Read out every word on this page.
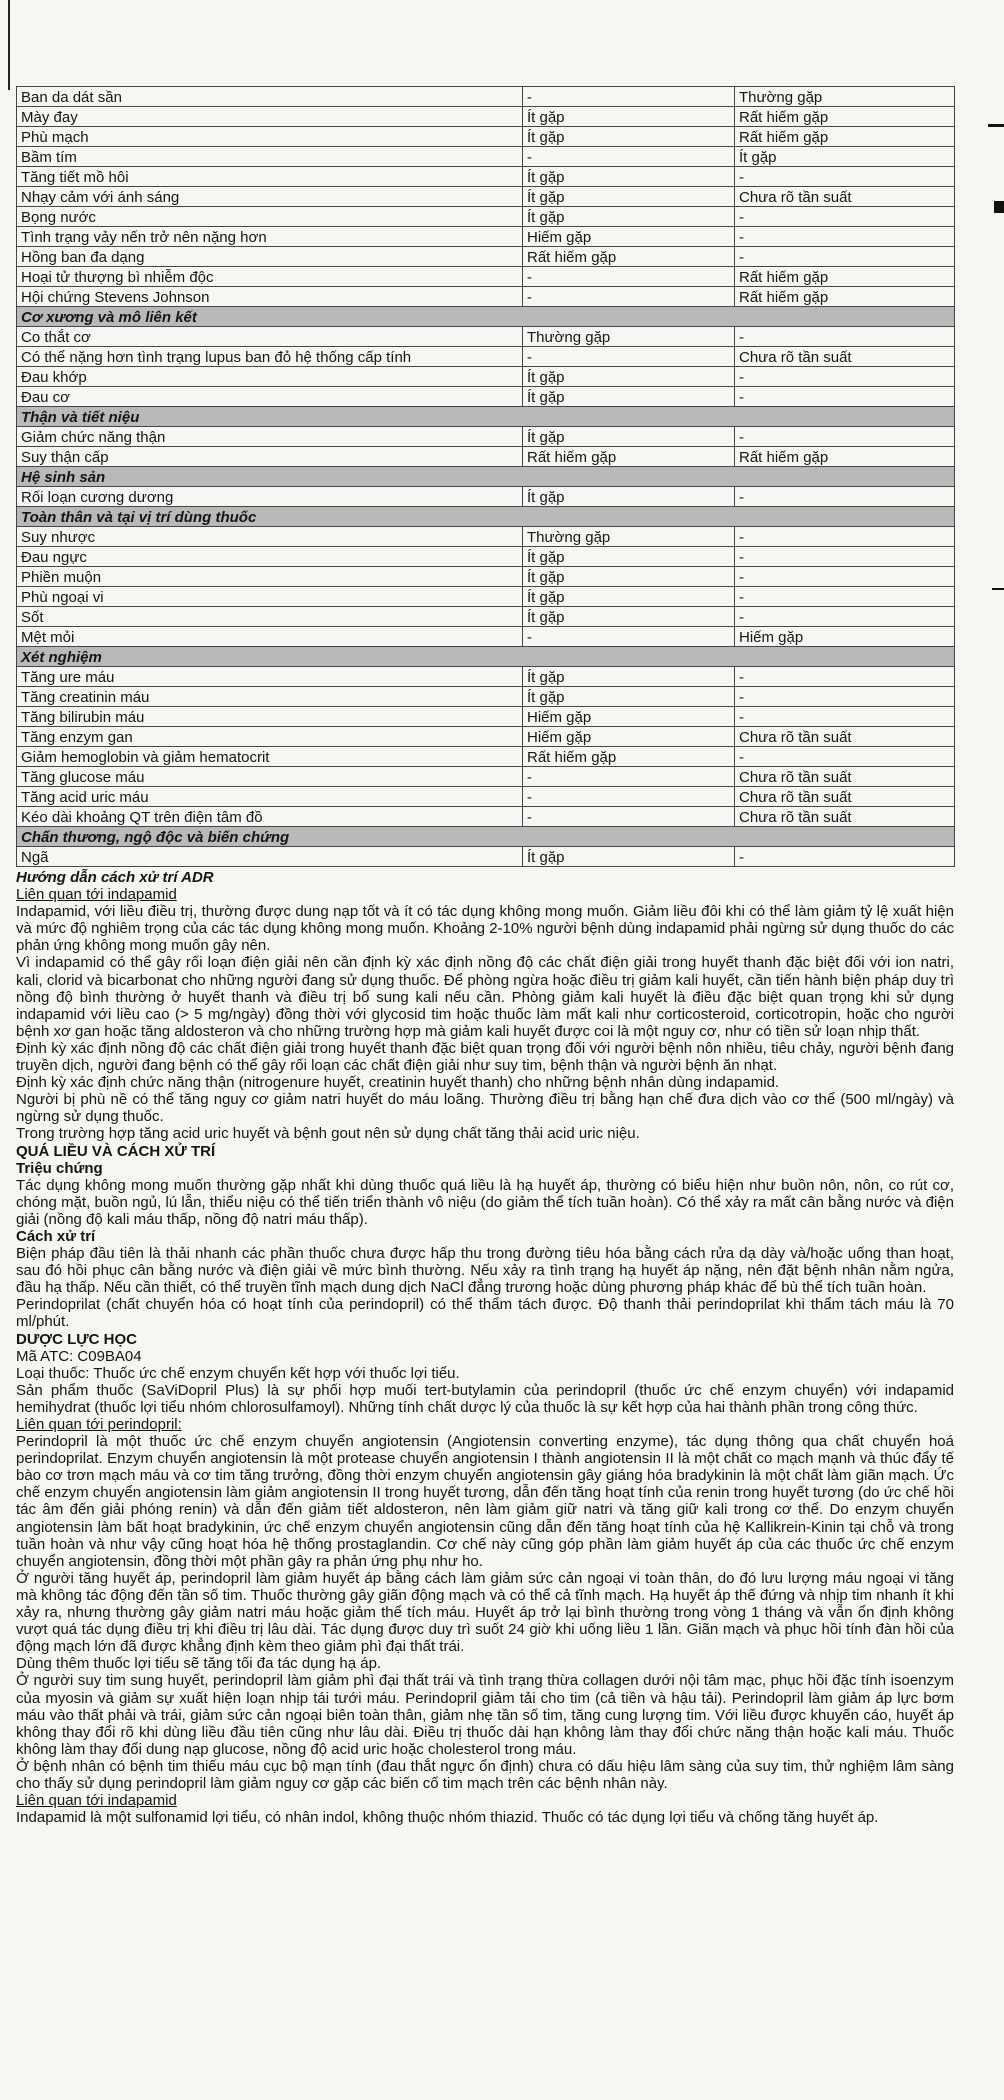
Ban da dát sần	-	Thường gặp
Mày đay	Ít gặp	Rất hiếm gặp
Phù mạch	Ít gặp	Rất hiếm gặp
Bầm tím	-	Ít gặp
Tăng tiết mồ hôi	Ít gặp	-
Nhạy cảm với ánh sáng	Ít gặp	Chưa rõ tần suất
Bọng nước	Ít gặp	-
Tình trạng vảy nến trở nên nặng hơn	Hiếm gặp	-
Hồng ban đa dạng	Rất hiếm gặp	-
Hoại tử thượng bì nhiễm độc	-	Rất hiếm gặp
Hội chứng Stevens Johnson	-	Rất hiếm gặp
Cơ xương và mô liên kết		
Co thắt cơ	Thường gặp	-
Có thể nặng hơn tình trạng lupus ban đỏ hệ thống cấp tính	-	Chưa rõ tần suất
Đau khớp	Ít gặp	-
Đau cơ	Ít gặp	-
Thận và tiết niệu		
Giảm chức năng thận	Ít gặp	-
Suy thận cấp	Rất hiếm gặp	Rất hiếm gặp
Hệ sinh sản		
Rối loạn cương dương	Ít gặp	-
Toàn thân và tại vị trí dùng thuốc		
Suy nhược	Thường gặp	-
Đau ngực	Ít gặp	-
Phiền muộn	Ít gặp	-
Phù ngoại vi	Ít gặp	-
Sốt	Ít gặp	-
Mệt mỏi	-	Hiếm gặp
Xét nghiệm		
Tăng ure máu	Ít gặp	-
Tăng creatinin máu	Ít gặp	-
Tăng bilirubin máu	Hiếm gặp	-
Tăng enzym gan	Hiếm gặp	Chưa rõ tần suất
Giảm hemoglobin và giảm hematocrit	Rất hiếm gặp	-
Tăng glucose máu	-	Chưa rõ tần suất
Tăng acid uric máu	-	Chưa rõ tần suất
Kéo dài khoảng QT trên điện tâm đồ	-	Chưa rõ tần suất
Chấn thương, ngộ độc và biến chứng		
Ngã	Ít gặp	-

Hướng dẫn cách xử trí ADR

Liên quan tới indapamid

Indapamid, với liều điều trị, thường được dung nạp tốt và ít có tác dụng không mong muốn. Giảm liều đôi khi có thể làm giảm tỷ lệ xuất hiện và mức độ nghiêm trọng của các tác dụng không mong muốn. Khoảng 2-10% người bệnh dùng indapamid phải ngừng sử dụng thuốc do các phản ứng không mong muốn gây nên.

Vì indapamid có thể gây rối loạn điện giải nên cần định kỳ xác định nồng độ các chất điện giải trong huyết thanh đặc biệt đối với ion natri, kali, clorid và bicarbonat cho những người đang sử dụng thuốc. Để phòng ngừa hoặc điều trị giảm kali huyết, cần tiến hành biện pháp duy trì nồng độ bình thường ở huyết thanh và điều trị bổ sung kali nếu cần. Phòng giảm kali huyết là điều đặc biệt quan trọng khi sử dụng indapamid với liều cao (> 5 mg/ngày) đồng thời với glycosid tim hoặc thuốc làm mất kali như corticosteroid, corticotropin, hoặc cho người bệnh xơ gan hoặc tăng aldosteron và cho những trường hợp mà giảm kali huyết được coi là một nguy cơ, như có tiền sử loạn nhịp thất.

Định kỳ xác định nồng độ các chất điện giải trong huyết thanh đặc biệt quan trọng đối với người bệnh nôn nhiều, tiêu chảy, người bệnh đang truyền dịch, người đang bệnh có thể gây rối loạn các chất điện giải như suy tim, bệnh thận và người bệnh ăn nhạt.

Định kỳ xác định chức năng thận (nitrogenure huyết, creatinin huyết thanh) cho những bệnh nhân dùng indapamid.

Người bị phù nề có thể tăng nguy cơ giảm natri huyết do máu loãng. Thường điều trị bằng hạn chế đưa dịch vào cơ thể (500 ml/ngày) và ngừng sử dụng thuốc.

Trong trường hợp tăng acid uric huyết và bệnh gout nên sử dụng chất tăng thải acid uric niệu.

QUÁ LIỀU VÀ CÁCH XỬ TRÍ

Triệu chứng

Tác dụng không mong muốn thường gặp nhất khi dùng thuốc quá liều là hạ huyết áp, thường có biểu hiện như buồn nôn, nôn, co rút cơ, chóng mặt, buồn ngủ, lú lẫn, thiểu niệu có thể tiến triển thành vô niệu (do giảm thể tích tuần hoàn). Có thể xảy ra mất cân bằng nước và điện giải (nồng độ kali máu thấp, nồng độ natri máu thấp).

Cách xử trí

Biện pháp đầu tiên là thải nhanh các phần thuốc chưa được hấp thu trong đường tiêu hóa bằng cách rửa dạ dày và/hoặc uống than hoạt, sau đó hồi phục cân bằng nước và điện giải về mức bình thường. Nếu xảy ra tình trạng hạ huyết áp nặng, nên đặt bệnh nhân nằm ngửa, đầu hạ thấp. Nếu cần thiết, có thể truyền tĩnh mạch dung dịch NaCl đẳng trương hoặc dùng phương pháp khác để bù thể tích tuần hoàn.

Perindoprilat (chất chuyển hóa có hoạt tính của perindopril) có thể thẩm tách được. Độ thanh thải perindoprilat khi thẩm tách máu là 70 ml/phút.

DƯỢC LỰC HỌC

Mã ATC: C09BA04

Loại thuốc: Thuốc ức chế enzym chuyển kết hợp với thuốc lợi tiểu.

Sản phẩm thuốc (SaViDopril Plus) là sự phối hợp muối tert-butylamin của perindopril (thuốc ức chế enzym chuyển) với indapamid hemihydrat (thuốc lợi tiểu nhóm chlorosulfamoyl). Những tính chất dược lý của thuốc là sự kết hợp của hai thành phần trong công thức.

Liên quan tới perindopril:

Perindopril là một thuốc ức chế enzym chuyển angiotensin (Angiotensin converting enzyme), tác dụng thông qua chất chuyển hoá perindoprilat. Enzym chuyển angiotensin là một protease chuyển angiotensin I thành angiotensin II là một chất co mạch mạnh và thúc đẩy tế bào cơ trơn mạch máu và cơ tim tăng trưởng, đồng thời enzym chuyển angiotensin gây giáng hóa bradykinin là một chất làm giãn mạch. Ức chế enzym chuyển angiotensin làm giảm angiotensin II trong huyết tương, dẫn đến tăng hoạt tính của renin trong huyết tương (do ức chế hồi tác âm đến giải phóng renin) và dẫn đến giảm tiết aldosteron, nên làm giảm giữ natri và tăng giữ kali trong cơ thể. Do enzym chuyển angiotensin làm bất hoạt bradykinin, ức chế enzym chuyển angiotensin cũng dẫn đến tăng hoạt tính của hệ Kallikrein-Kinin tại chỗ và trong tuần hoàn và như vậy cũng hoạt hóa hệ thống prostaglandin. Cơ chế này cũng góp phần làm giảm huyết áp của các thuốc ức chế enzym chuyển angiotensin, đồng thời một phần gây ra phản ứng phụ như ho.

Ở người tăng huyết áp, perindopril làm giảm huyết áp bằng cách làm giảm sức cản ngoại vi toàn thân, do đó lưu lượng máu ngoại vi tăng mà không tác động đến tần số tim. Thuốc thường gây giãn động mạch và có thể cả tĩnh mạch. Hạ huyết áp thế đứng và nhịp tim nhanh ít khi xảy ra, nhưng thường gây giảm natri máu hoặc giảm thể tích máu. Huyết áp trở lại bình thường trong vòng 1 tháng và vẫn ổn định không vượt quá tác dụng điều trị khi điều trị lâu dài. Tác dụng được duy trì suốt 24 giờ khi uống liều 1 lần. Giãn mạch và phục hồi tính đàn hồi của động mạch lớn đã được khẳng định kèm theo giảm phì đại thất trái.

Dùng thêm thuốc lợi tiểu sẽ tăng tối đa tác dụng hạ áp.

Ở người suy tim sung huyết, perindopril làm giảm phì đại thất trái và tình trạng thừa collagen dưới nội tâm mạc, phục hồi đặc tính isoenzym của myosin và giảm sự xuất hiện loạn nhịp tái tưới máu. Perindopril giảm tải cho tim (cả tiền và hậu tải). Perindopril làm giảm áp lực bơm máu vào thất phải và trái, giảm sức cản ngoại biên toàn thân, giảm nhẹ tần số tim, tăng cung lượng tim. Với liều được khuyến cáo, huyết áp không thay đổi rõ khi dùng liều đầu tiên cũng như lâu dài. Điều trị thuốc dài hạn không làm thay đổi chức năng thận hoặc kali máu. Thuốc không làm thay đổi dung nạp glucose, nồng độ acid uric hoặc cholesterol trong máu.

Ở bệnh nhân có bệnh tim thiếu máu cục bộ mạn tính (đau thắt ngực ổn định) chưa có dấu hiệu lâm sàng của suy tim, thử nghiệm lâm sàng cho thấy sử dụng perindopril làm giảm nguy cơ gặp các biến cố tim mạch trên các bệnh nhân này.

Liên quan tới indapamid

Indapamid là một sulfonamid lợi tiểu, có nhân indol, không thuộc nhóm thiazid. Thuốc có tác dụng lợi tiểu và chống tăng huyết áp.
